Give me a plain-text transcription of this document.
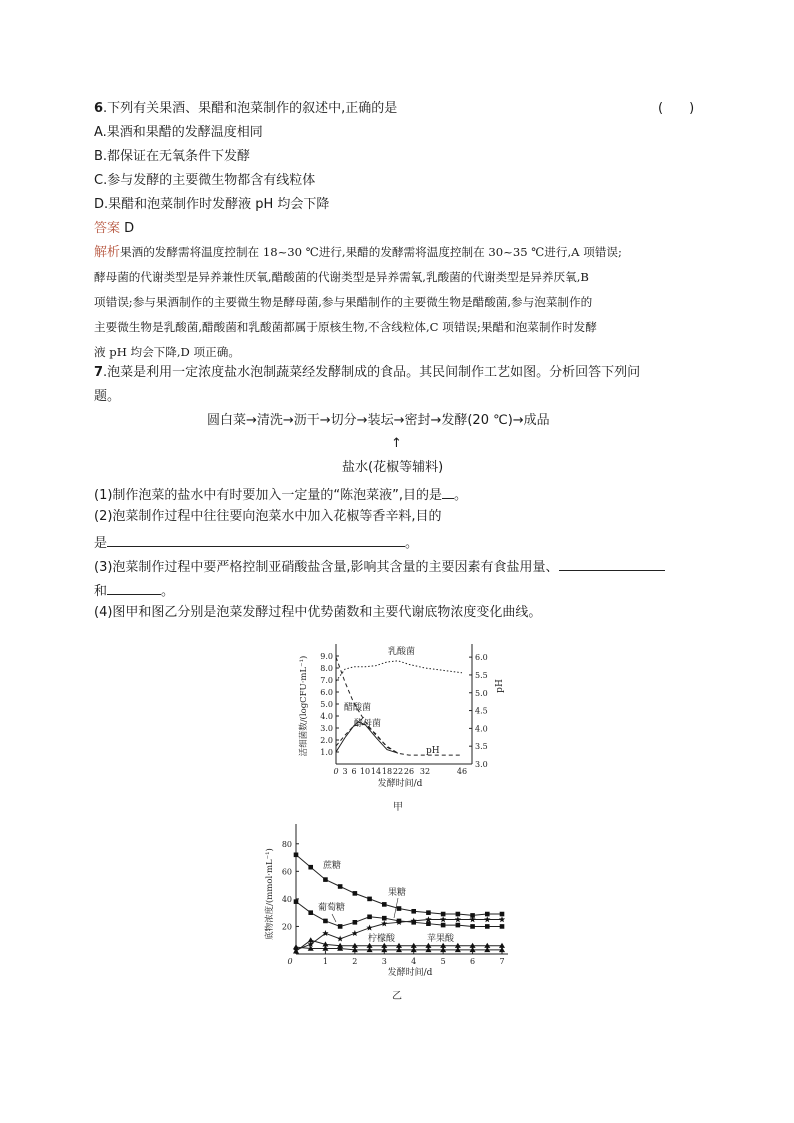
6.下列有关果酒、果醋和泡菜制作的叙述中,正确的是	(　　)
A.果酒和果醋的发酵温度相同
B.都保证在无氧条件下发酵
C.参与发酵的主要微生物都含有线粒体
D.果醋和泡菜制作时发酵液 pH 均会下降
答案 D
解析果酒的发酵需将温度控制在 18~30 ℃进行,果醋的发酵需将温度控制在 30~35 ℃进行,A 项错误;
酵母菌的代谢类型是异养兼性厌氧,醋酸菌的代谢类型是异养需氧,乳酸菌的代谢类型是异养厌氧,B
项错误;参与果酒制作的主要微生物是酵母菌,参与果醋制作的主要微生物是醋酸菌,参与泡菜制作的
主要微生物是乳酸菌,醋酸菌和乳酸菌都属于原核生物,不含线粒体,C 项错误;果醋和泡菜制作时发酵
液 pH 均会下降,D 项正确。
7.泡菜是利用一定浓度盐水泡制蔬菜经发酵制成的食品。其民间制作工艺如图。分析回答下列问
题。
圆白菜→清洗→沥干→切分→装坛→密封→发酵(20 ℃)→成品
↑
盐水(花椒等辅料)
(1)制作泡菜的盐水中有时要加入一定量的“陈泡菜液”,目的是 。
(2)泡菜制作过程中往往要向泡菜水中加入花椒等香辛料,目的
是	。
(3)泡菜制作过程中要严格控制亚硝酸盐含量,影响其含量的主要因素有食盐用量、
和	。
(4)图甲和图乙分别是泡菜发酵过程中优势菌数和主要代谢底物浓度变化曲线。
1.0
2.0
3.0
4.0
5.0
6.0
7.0
8.0
9.0
3.0
3.5
4.0
4.5
5.0
5.5
6.0
0 3 6 10 14 18 22 26 32	46
乳酸菌
醋酸菌
酵母菌
pH
发酵时间/d
活细菌数/(logCFU·mL⁻¹)	pH
甲
20
40
60
80
0	1	2	3	4	5	6	7
蔗糖
葡萄糖
果糖
柠檬酸	苹果酸
发酵时间/d
底物浓度/(mmol·mL⁻¹)
乙
